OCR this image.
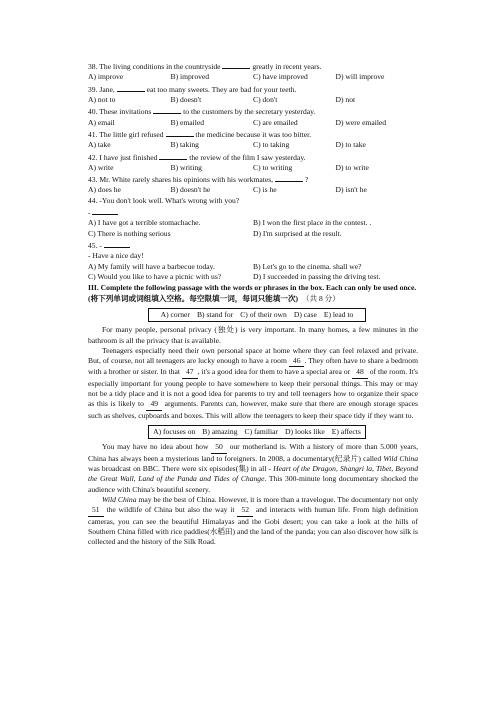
38. The living conditions in the countryside	greatly in recent years.

A) improve	B) improved	C) have improved	D) will improve

39. Jane,	eat too many sweets. They are bad for your teeth.

A) not to	B) doesn't	C) don't	D) not

40. These invitations	to the customers by the secretary yesterday.

A) email	B) emailed	C) are emailed	D) were emailed

41. The little girl refused	the medicine because it was too bitter.

A) take	B) taking	C) to taking	D) to take

42. I have just finished	the review of the film I saw yesterday.

A) write	B) writing	C) to writing	D) to write

43. Mr. White rarely shares his opinions with his workmates,	?

A) does he	B) doesn't he	C) is he	D) isn't he

44. -You don't look well. What's wrong with you?

-

A) I have got a terrible stomachache.	B) I won the first place in the contest. .
C) There is nothing serious	D) I'm surprised at the result.

45. -

- Have a nice day!

A) My family will have a barbecue today.	B) Let's go to the cinema. shall we?
C) Would you like to have a picnic with us?	D) I succeeded in passing the driving test.

III. Complete the following passage with the words or phrases in the box. Each can only be used once.(将下列单词或词组填入空格。每空限填一词，每词只能填一次)　 （共 8 分）

A) corner B) stand for C) of their own D) case E) lead to

For many people, personal privacy (独处) is very important. In many homes, a few minutes in the bathroom is all the privacy that is available.

Teenagers especially need their own personal space at home where they can feel relaxed and private. But, of course, not all teenagers are lucky enough to have a room 46 . They often have to share a bedroom with a brother or sister. In that 47 , it's a good idea for them to have a special area or 48 of the room. It's especially important for young people to have somewhere to keep their personal things. This may or may not be a tidy place and it is not a good idea for parents to try and tell teenagers how to organize their space as this is likely to 49 arguments. Parents can, however, make sure that there are enough storage spaces such as shelves, cupboards and boxes. This will allow the teenagers to keep their space tidy if they want to.

A) focuses on B) amazing C) familiar D) looks like E) affects

You may have no idea about how 50 our motherland is. With a history of more than 5.000 years, China has always been a mysterious land to foreigners. In 2008, a documentary(纪录片) called Wild China was broadcast on BBC. There were six episodes(集) in all - Heart of the Dragon, Shangri la, Tibet, Beyond the Great Wall, Land of the Panda and Tides of Change. This 300-minute long documentary shocked the audience with China's beautiful scenery.

Wild China may be the best of China. However, it is more than a travelogue. The documentary not only 51 the wildlife of China but also the way it 52 and interacts with human life. From high definition cameras, you can see the beautiful Himalayas and the Gobi desert; you can take a look at the hills of Southern China filled with rice paddies(水稻田) and the land of the panda; you can also discover how silk is collected and the history of the Silk Road.
